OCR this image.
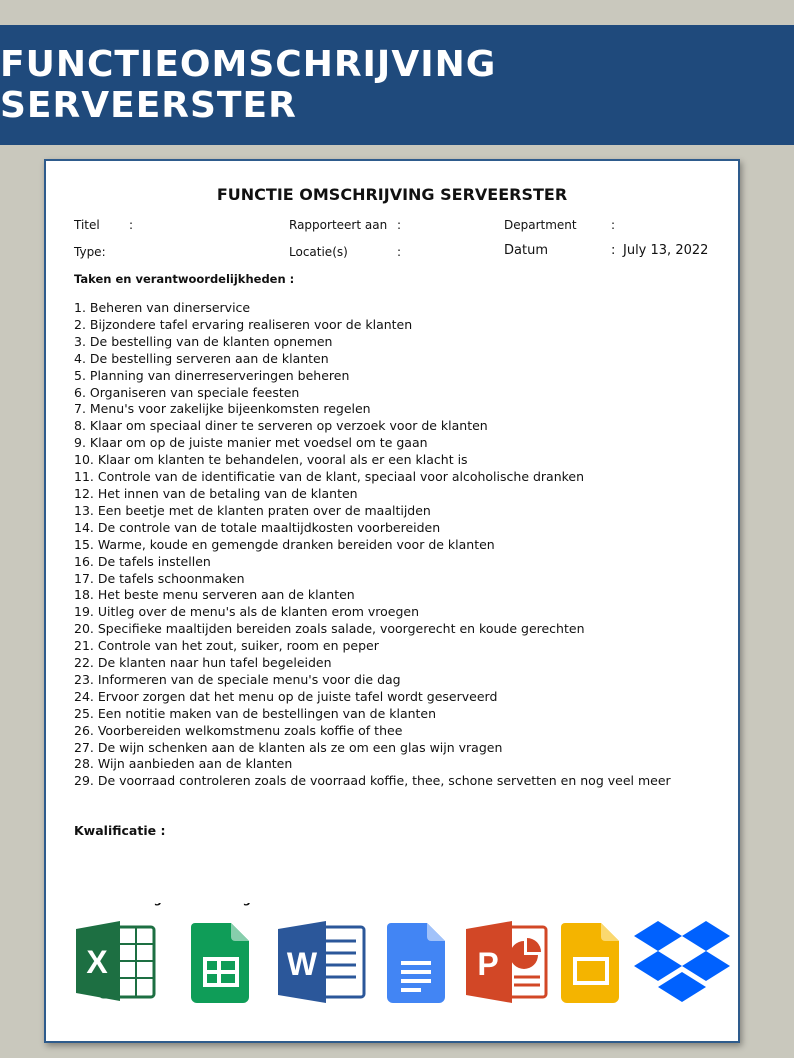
FUNCTIEOMSCHRIJVING SERVEERSTER
FUNCTIE OMSCHRIJVING SERVEERSTER
Titel :	Rapporteert aan :	Department	:
Type:	Locatie(s)	:	Datum	: July 13, 2022
Taken en verantwoordelijkheden :
1. Beheren van dinerservice
2. Bijzondere tafel ervaring realiseren voor de klanten
3. De bestelling van de klanten opnemen
4. De bestelling serveren aan de klanten
5. Planning van dinerreserveringen beheren
6. Organiseren van speciale feesten
7. Menu's voor zakelijke bijeenkomsten regelen
8. Klaar om speciaal diner te serveren op verzoek voor de klanten
9. Klaar om op de juiste manier met voedsel om te gaan
10. Klaar om klanten te behandelen, vooral als er een klacht is
11. Controle van de identificatie van de klant, speciaal voor alcoholische dranken
12. Het innen van de betaling van de klanten
13. Een beetje met de klanten praten over de maaltijden
14. De controle van de totale maaltijdkosten voorbereiden
15. Warme, koude en gemengde dranken bereiden voor de klanten
16. De tafels instellen
17. De tafels schoonmaken
18. Het beste menu serveren aan de klanten
19. Uitleg over de menu's als de klanten erom vroegen
20. Specifieke maaltijden bereiden zoals salade, voorgerecht en koude gerechten
21. Controle van het zout, suiker, room en peper
22. De klanten naar hun tafel begeleiden
23. Informeren van de speciale menu's voor die dag
24. Ervoor zorgen dat het menu op de juiste tafel wordt geserveerd
25. Een notitie maken van de bestellingen van de klanten
26. Voorbereiden welkomstmenu zoals koffie of thee
27. De wijn schenken aan de klanten als ze om een glas wijn vragen
28. Wijn aanbieden aan de klanten
29. De voorraad controleren zoals de voorraad koffie, thee, schone servetten en nog veel meer
Kwalificatie :
X	W	P
